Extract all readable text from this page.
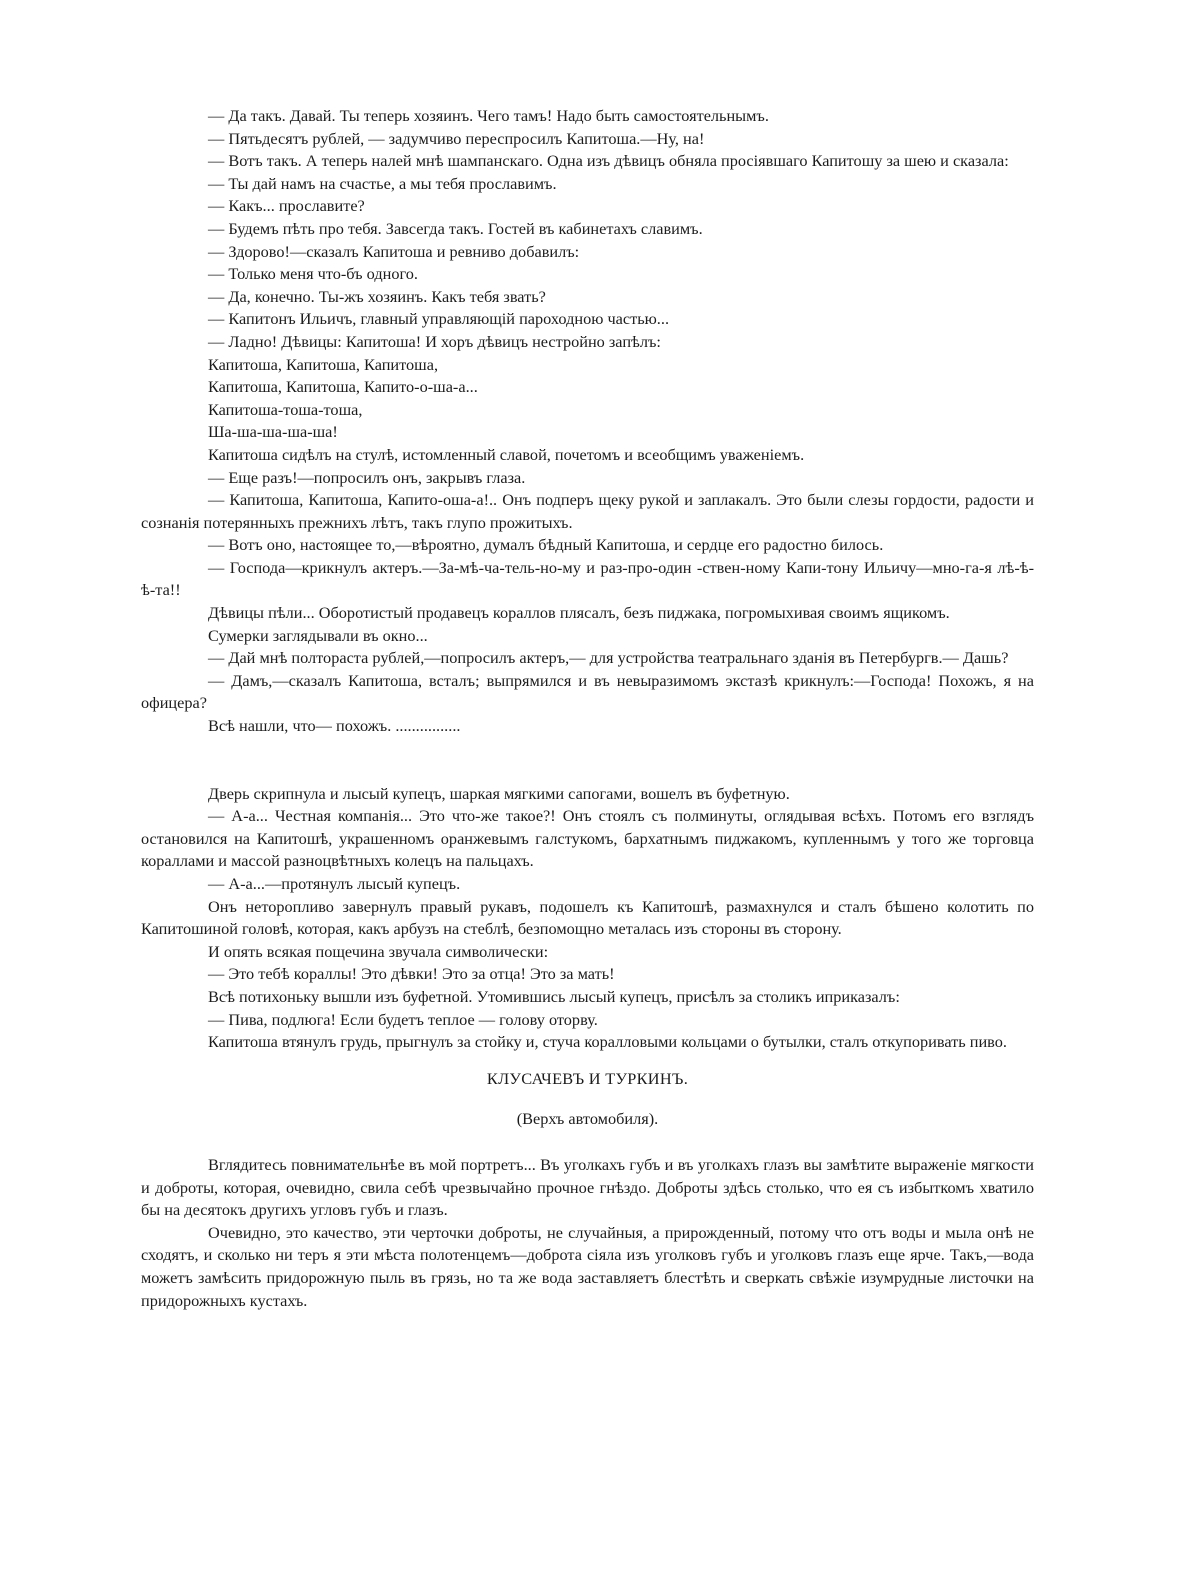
— Да такъ. Давай. Ты теперь хозяинъ. Чего тамъ! Надо быть самостоятельнымъ.

— Пятьдесятъ рублей, — задумчиво переспросилъ Капитоша.—Ну, на!

— Вотъ такъ. А теперь налей мнѣ шампанскаго. Одна изъ дѣвицъ обняла просіявшаго Капитошу за шею и сказала:

— Ты дай намъ на счастье, а мы тебя прославимъ.

— Какъ... прославите?

— Будемъ пѣть про тебя. Завсегда такъ. Гостей въ кабинетахъ славимъ.

— Здорово!—сказалъ Капитоша и ревниво добавилъ:

— Только меня что-бъ одного.

— Да, конечно. Ты-жъ хозяинъ. Какъ тебя звать?

— Капитонъ Ильичъ, главный управляющій пароходною частью...

— Ладно! Дѣвицы: Капитоша! И хоръ дѣвицъ нестройно запѣлъ:

Капитоша, Капитоша, Капитоша,

Капитоша, Капитоша, Капито-о-ша-а...

Капитоша-тоша-тоша,

Ша-ша-ша-ша-ша!

Капитоша сидѣлъ на стулѣ, истомленный славой, почетомъ и всеобщимъ уваженіемъ.

— Еще разъ!—попросилъ онъ, закрывъ глаза.

— Капитоша, Капитоша, Капито-оша-а!.. Онъ подперъ щеку рукой и заплакалъ. Это были слезы гордости, радости и сознанія потерянныхъ прежнихъ лѣтъ, такъ глупо прожитыхъ.

— Вотъ оно, настоящее то,—вѣроятно, думалъ бѣдный Капитоша, и сердце его радостно билось.

— Господа—крикнулъ актеръ.—За-мѣ-ча-тель-но-му и раз-про-один -ствен-ному Капи-тону Ильичу—мно-га-я лѣ-ѣ-ѣ-та!!

Дѣвицы пѣли... Оборотистый продавецъ кораллов плясалъ, безъ пиджака, погромыхивая своимъ ящикомъ.

Сумерки заглядывали въ окно...

— Дай мнѣ полтораста рублей,—попросилъ актеръ,— для устройства театральнаго зданія въ Петербургв.— Дашь?

— Дамъ,—сказалъ Капитоша, всталъ; выпрямился и въ невыразимомъ экстазѣ крикнулъ:—Господа! Похожъ, я на офицера?

Всѣ нашли, что— похожъ. ................

Дверь скрипнула и лысый купецъ, шаркая мягкими сапогами, вошелъ въ буфетную.

— А-а... Честная компанія... Это что-же такое?! Онъ стоялъ съ полминуты, оглядывая всѣхъ. Потомъ его взглядъ остановился на Капитошѣ, украшенномъ оранжевымъ галстукомъ, бархатнымъ пиджакомъ, купленнымъ у того же торговца кораллами и массой разноцвѣтныхъ колецъ на пальцахъ.

— А-а...—протянулъ лысый купецъ.

Онъ неторопливо завернулъ правый рукавъ, подошелъ къ Капитошѣ, размахнулся и сталъ бѣшено колотить по Капитошиной головѣ, которая, какъ арбузъ на стеблѣ, безпомощно металась изъ стороны въ сторону.

И опять всякая пощечина звучала символически:

— Это тебѣ кораллы! Это дѣвки! Это за отца! Это за мать!

Всѣ потихоньку вышли изъ буфетной. Утомившись лысый купецъ, присѣлъ за столикъ иприказалъ:

— Пива, подлюга! Если будетъ теплое — голову оторву.

Капитоша втянулъ грудь, прыгнулъ за стойку и, стуча коралловыми кольцами о бутылки, сталъ откупоривать пиво.

КЛУСАЧЕВЪ И ТУРКИНЪ.

(Верхъ автомобиля).

Вглядитесь повнимательнѣе въ мой портретъ... Въ уголкахъ губъ и въ уголкахъ глазъ вы замѣтите выраженіе мягкости и доброты, которая, очевидно, свила себѣ чрезвычайно прочное гнѣздо. Доброты здѣсь столько, что ея съ избыткомъ хватило бы на десятокъ другихъ угловъ губъ и глазъ.

Очевидно, это качество, эти черточки доброты, не случайныя, а прирожденный, потому что отъ воды и мыла онѣ не сходятъ, и сколько ни теръ я эти мѣста полотенцемъ—доброта сіяла изъ уголковъ губъ и уголковъ глазъ еще ярче. Такъ,—вода можетъ замѣсить придорожную пыль въ грязь, но та же вода заставляетъ блестѣть и сверкать свѣжіе изумрудные листочки на придорожныхъ кустахъ.
